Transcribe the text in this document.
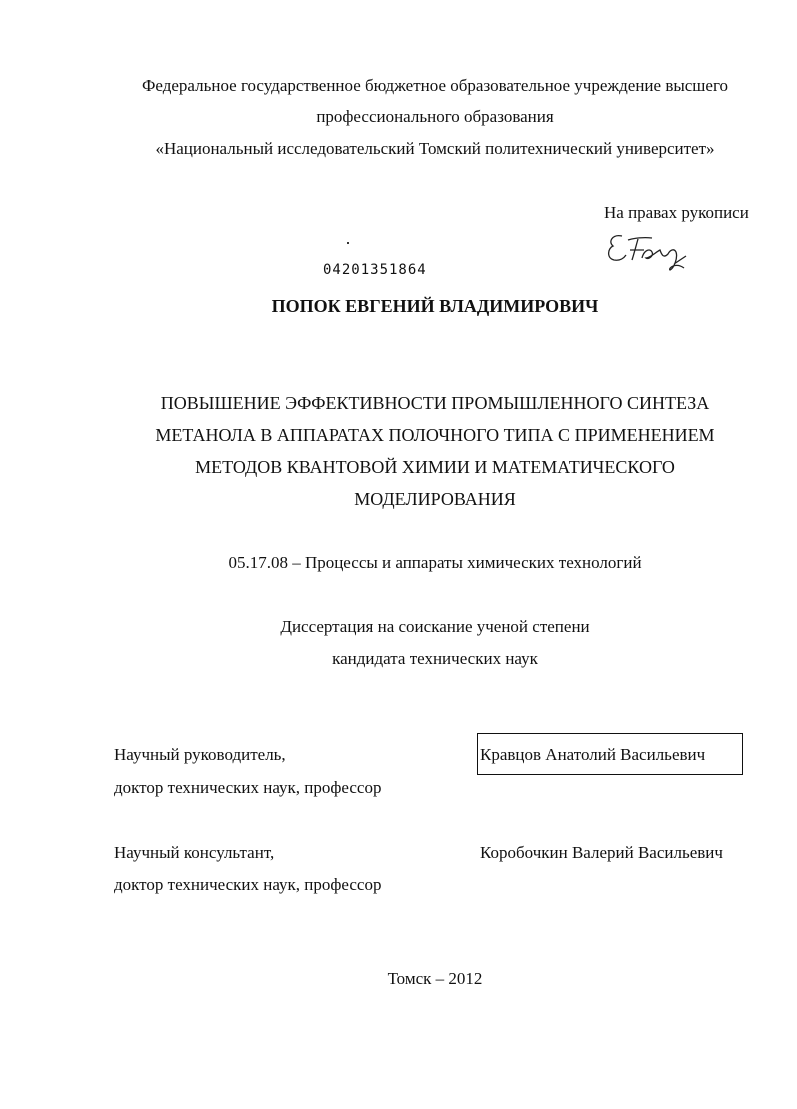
Федеральное государственное бюджетное образовательное учреждение высшего
профессионального образования
«Национальный исследовательский Томский политехнический университет»
На правах рукописи
04201351864
ПОПОК ЕВГЕНИЙ ВЛАДИМИРОВИЧ
ПОВЫШЕНИЕ ЭФФЕКТИВНОСТИ ПРОМЫШЛЕННОГО СИНТЕЗА
МЕТАНОЛА В АППАРАТАХ ПОЛОЧНОГО ТИПА С ПРИМЕНЕНИЕМ
МЕТОДОВ КВАНТОВОЙ ХИМИИ И МАТЕМАТИЧЕСКОГО
МОДЕЛИРОВАНИЯ
05.17.08 – Процессы и аппараты химических технологий
Диссертация на соискание ученой степени
кандидата технических наук
Научный руководитель,
доктор технических наук, профессор
Кравцов Анатолий Васильевич
Научный консультант,
доктор технических наук, профессор
Коробочкин Валерий Васильевич
Томск – 2012
